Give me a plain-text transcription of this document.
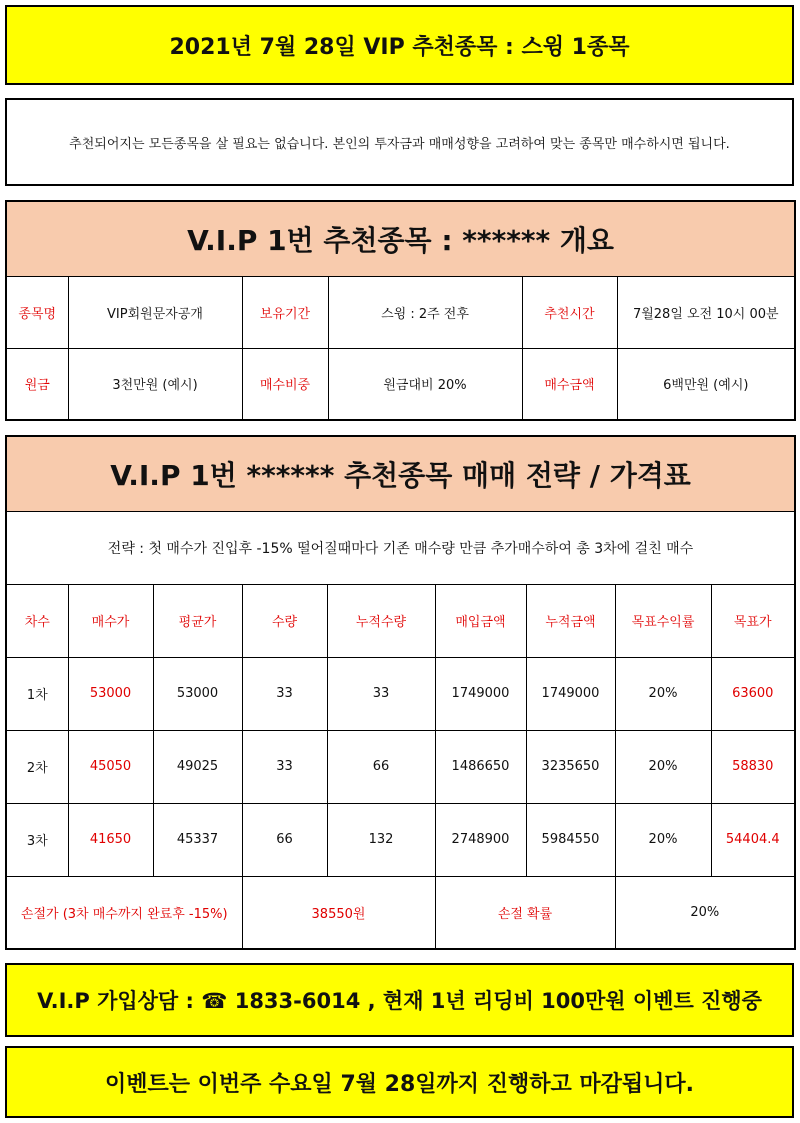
2021년 7월 28일 VIP 추천종목 : 스윙 1종목
추천되어지는 모든종목을 살 필요는 없습니다. 본인의 투자금과 매매성향을 고려하여 맞는 종목만 매수하시면 됩니다.
V.I.P 1번 추천종목 : ****** 개요					
종목명	VIP회원문자공개	보유기간	스윙 : 2주 전후	추천시간	7월28일 오전 10시 00분
원금	3천만원 (예시)	매수비중	원금대비 20%	매수금액	6백만원 (예시)
V.I.P 1번 ****** 추천종목 매매 전략 / 가격표								
전략 : 첫 매수가 진입후 -15% 떨어질때마다 기존 매수량 만큼 추가매수하여 총 3차에 걸친 매수								
차수	매수가	평균가	수량	누적수량	매입금액	누적금액	목표수익률	목표가
1차	53000	53000	33	33	1749000	1749000	20%	63600
2차	45050	49025	33	66	1486650	3235650	20%	58830
3차	41650	45337	66	132	2748900	5984550	20%	54404.4
손절가 (3차 매수까지 완료후 -15%)			38550원		손절 확률		20%	
V.I.P 가입상담 : ☎ 1833-6014 , 현재 1년 리딩비 100만원 이벤트 진행중
이벤트는 이번주 수요일 7월 28일까지 진행하고 마감됩니다.
